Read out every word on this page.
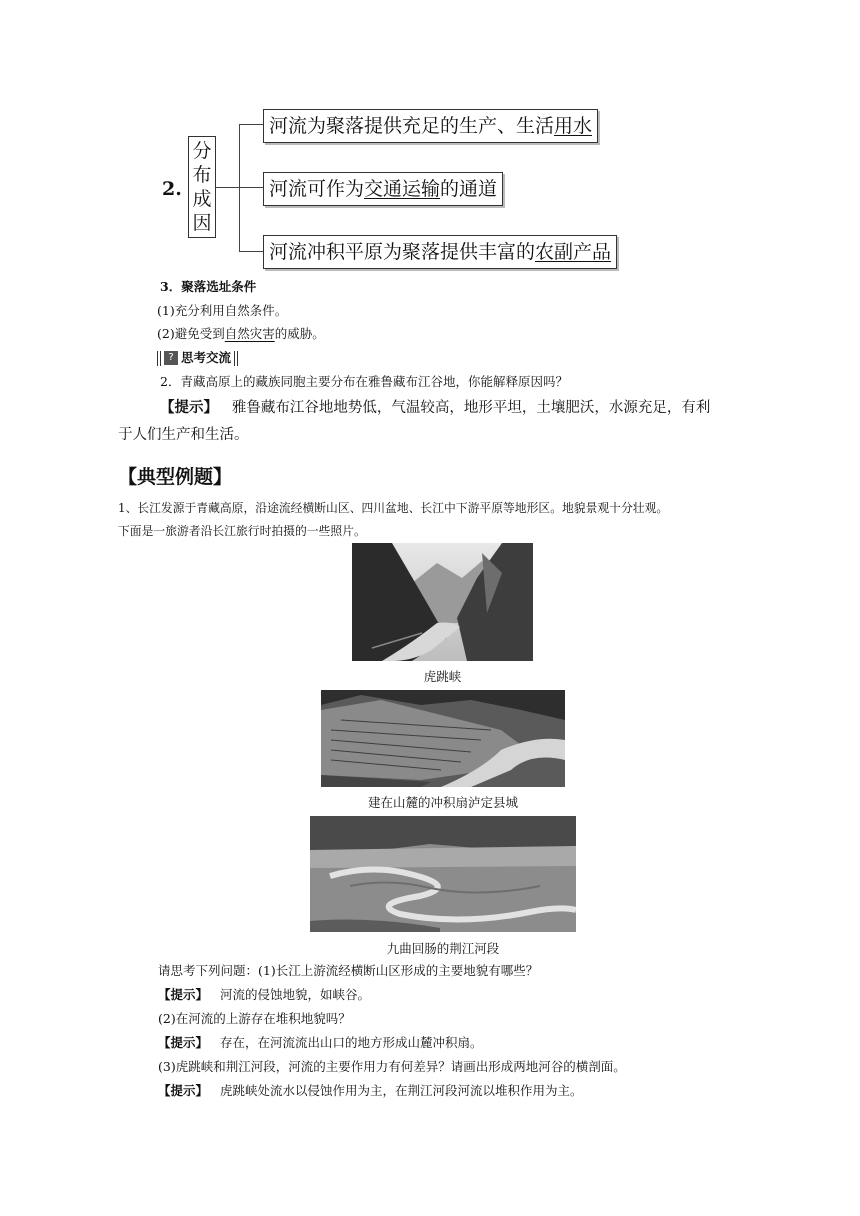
2.
分
布
成
因
河流为聚落提供充足的生产、生活用水
河流可作为交通运输的通道
河流冲积平原为聚落提供丰富的农副产品
3．聚落选址条件
(1)充分利用自然条件。
(2)避免受到自然灾害的威胁。
? 思考交流
2．青藏高原上的藏族同胞主要分布在雅鲁藏布江谷地，你能解释原因吗？
【提示】 雅鲁藏布江谷地地势低，气温较高，地形平坦，土壤肥沃，水源充足，有利
于人们生产和生活。
【典型例题】
1、长江发源于青藏高原，沿途流经横断山区、四川盆地、长江中下游平原等地形区。地貌景观十分壮观。
下面是一旅游者沿长江旅行时拍摄的一些照片。
虎跳峡
建在山麓的冲积扇泸定县城
九曲回肠的荆江河段
请思考下列问题：(1)长江上游流经横断山区形成的主要地貌有哪些？
【提示】 河流的侵蚀地貌，如峡谷。
(2)在河流的上游存在堆积地貌吗？
【提示】 存在，在河流流出山口的地方形成山麓冲积扇。
(3)虎跳峡和荆江河段，河流的主要作用力有何差异？请画出形成两地河谷的横剖面。
【提示】 虎跳峡处流水以侵蚀作用为主，在荆江河段河流以堆积作用为主。
